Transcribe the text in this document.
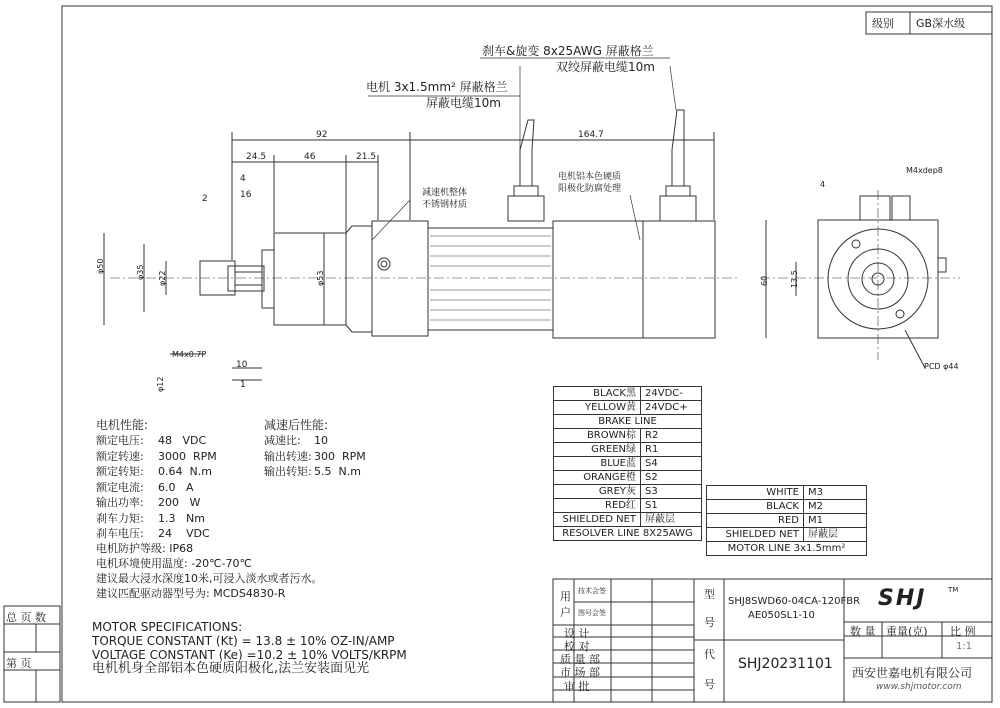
级别 GB深水级
刹车&旋变 8x25AWG 屏蔽格兰
双绞屏蔽电缆10m
电机 3x1.5mm² 屏蔽格兰
屏蔽电缆10m
减速机整体
不锈钢材质
电机铝本色硬质
阳极化防腐处理
92	164.7
24.5	46	21.5
4
2	16
10
1
φ50	φ35	φ22	φ53
φ12
M4x0.7P
M4xdep8
4
60	13.5
PCD φ44
BLACK黑	24VDC-
YELLOW黄	24VDC+
BRAKE LINE	
BROWN棕	R2
GREEN绿	R1
BLUE蓝	S4
ORANGE橙	S2
GREY灰	S3
RED红	S1
SHIELDED NET	屏蔽层
RESOLVER LINE 8X25AWG	
WHITE	M3
BLACK	M2
RED	M1
SHIELDED NET	屏蔽层
MOTOR LINE 3x1.5mm²	
电机性能:
额定电压: 48   VDC
额定转速: 3000  RPM
额定转矩: 0.64  N.m
额定电流: 6.0   A
输出功率: 200   W
刹车力矩: 1.3   Nm
刹车电压: 24    VDC
电机防护等级: IP68
电机环境使用温度: -20℃-70℃
建议最大浸水深度10米,可浸入淡水或者污水。
建议匹配驱动器型号为: MCDS4830-R
减速后性能:
减速比: 10
输出转速: 300  RPM
输出转矩: 5.5  N.m
MOTOR SPECIFICATIONS:
TORQUE CONSTANT (Kt) = 13.8 ± 10% OZ-IN/AMP
VOLTAGE CONSTANT (Ke) =10.2 ± 10% VOLTS/KRPM
电机机身全部铝本色硬质阳极化,法兰安装面见光
总 页 数
第 页
用
户
技术会签
图号会签
设 计
校 对
质 量 部
市 场 部
审 批
型
号
SHJ8SWD60-04CA-120FBR
AE050SL1-10
代
号
SHJ20231101
SHJ	TM
数 量 重量(克) 比 例
1:1
西安世嘉电机有限公司
www.shjmotor.com
